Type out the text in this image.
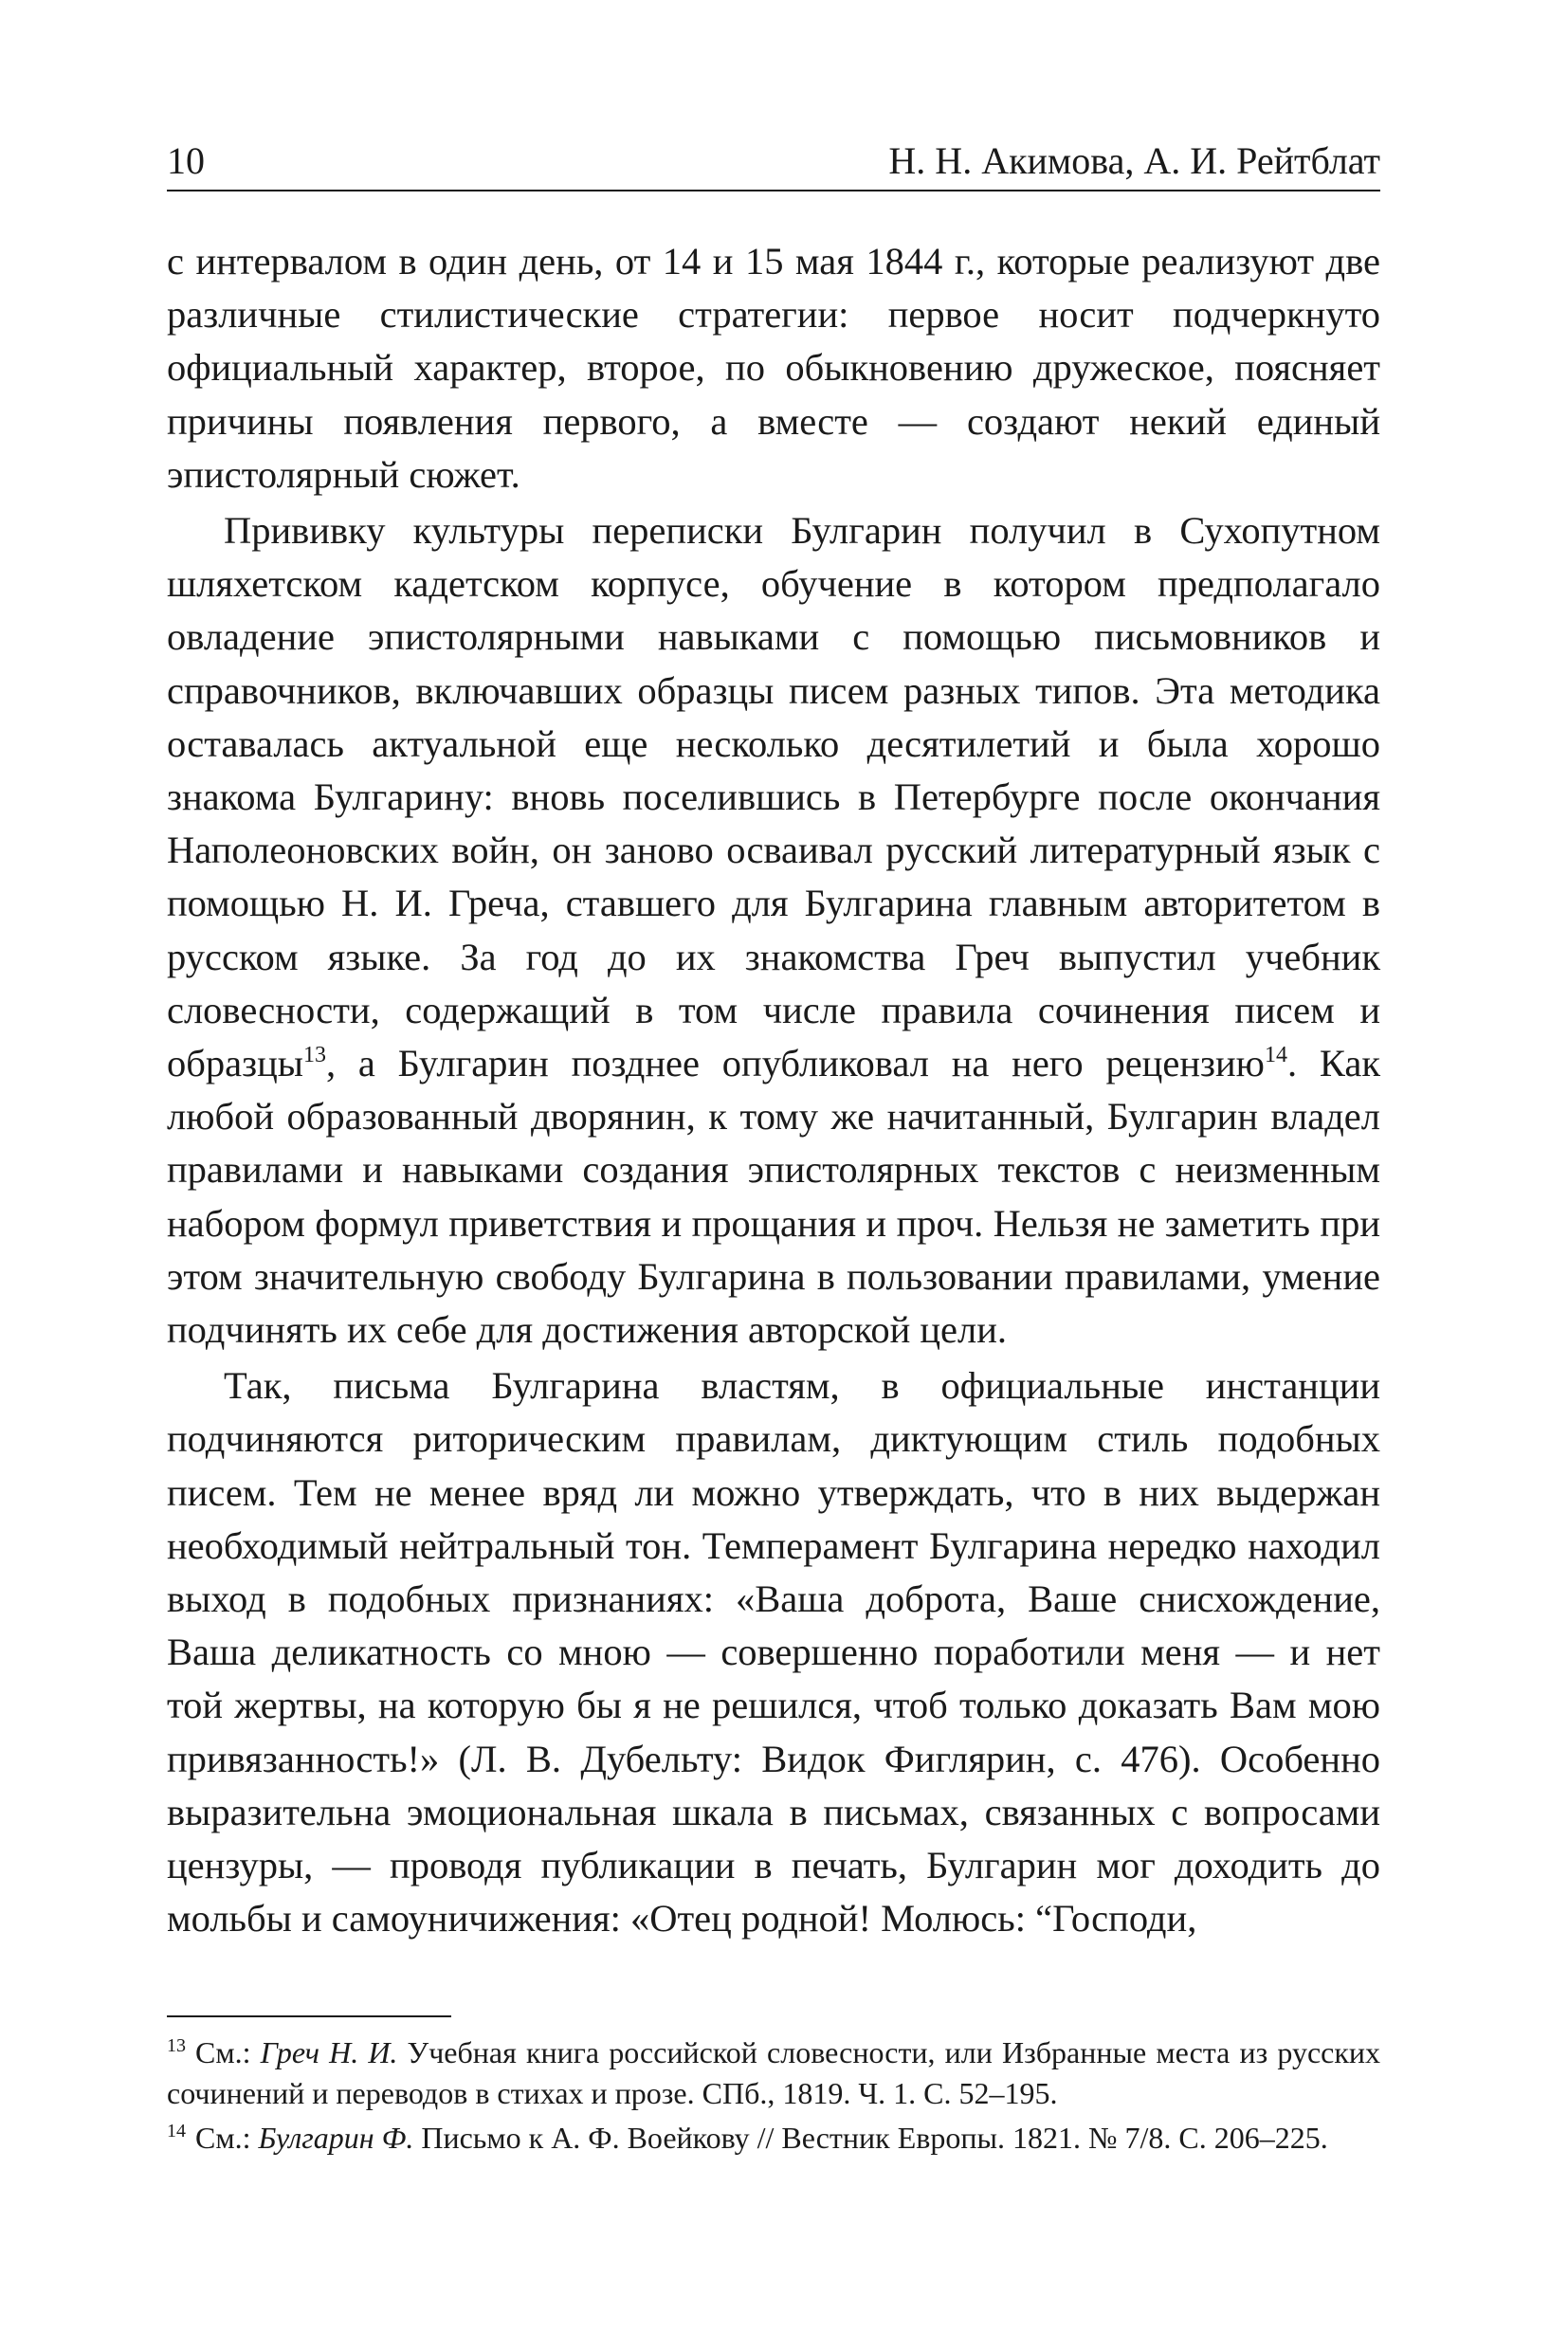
10	Н. Н. Акимова, А. И. Рейтблат

с интервалом в один день, от 14 и 15 мая 1844 г., которые реализуют две различные стилистические стратегии: первое носит подчеркнуто официальный характер, второе, по обыкновению дружеское, поясняет причины появления первого, а вместе — создают некий единый эпистолярный сюжет.

Прививку культуры переписки Булгарин получил в Сухопутном шляхетском кадетском корпусе, обучение в котором предполагало овладение эпистолярными навыками с помощью письмовников и справочников, включавших образцы писем разных типов. Эта методика оставалась актуальной еще несколько десятилетий и была хорошо знакома Булгарину: вновь поселившись в Петербурге после окончания Наполеоновских войн, он заново осваивал русский литературный язык с помощью Н. И. Греча, ставшего для Булгарина главным авторитетом в русском языке. За год до их знакомства Греч выпустил учебник словесности, содержащий в том числе правила сочинения писем и образцы$^{13}$, а Булгарин позднее опубликовал на него рецензию$^{14}$. Как любой образованный дворянин, к тому же начитанный, Булгарин владел правилами и навыками создания эпистолярных текстов с неизменным набором формул приветствия и прощания и проч. Нельзя не заметить при этом значительную свободу Булгарина в пользовании правилами, умение подчинять их себе для достижения авторской цели.

Так, письма Булгарина властям, в официальные инстанции подчиняются риторическим правилам, диктующим стиль подобных писем. Тем не менее вряд ли можно утверждать, что в них выдержан необходимый нейтральный тон. Темперамент Булгарина нередко находил выход в подобных признаниях: «Ваша доброта, Ваше снисхождение, Ваша деликатность со мною — совершенно поработили меня — и нет той жертвы, на которую бы я не решился, чтоб только доказать Вам мою привязанность!» (Л. В. Дубельту: Видок Фиглярин, с. 476). Особенно выразительна эмоциональная шкала в письмах, связанных с вопросами цензуры, — проводя публикации в печать, Булгарин мог доходить до мольбы и самоуничижения: «Отец родной! Молюсь: “Господи,

$^{13}$ См.: Греч Н. И. Учебная книга российской словесности, или Избранные места из русских сочинений и переводов в стихах и прозе. СПб., 1819. Ч. 1. С. 52–195.
$^{14}$ См.: Булгарин Ф. Письмо к А. Ф. Воейкову // Вестник Европы. 1821. № 7/8. С. 206–225.
